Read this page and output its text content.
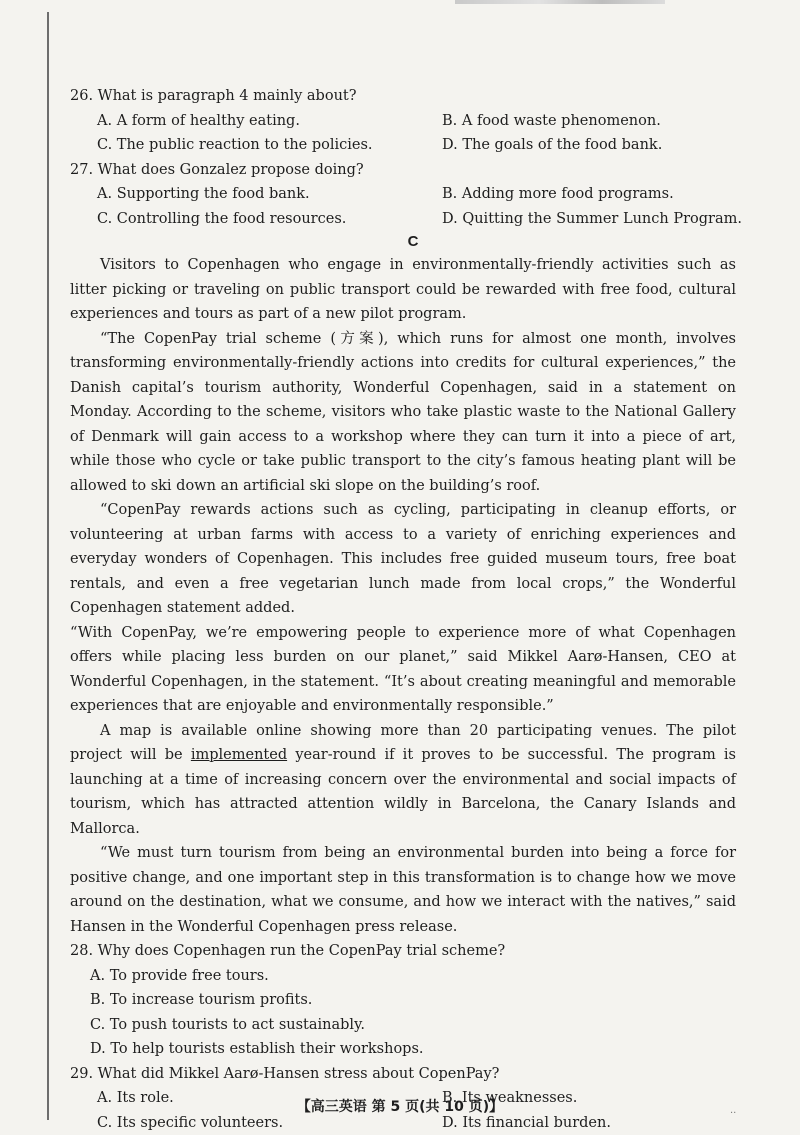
26. What is paragraph 4 mainly about?

A. A form of healthy eating.	B. A food waste phenomenon.
C. The public reaction to the policies.	D. The goals of the food bank.

27. What does Gonzalez propose doing?

A. Supporting the food bank.	B. Adding more food programs.
C. Controlling the food resources.	D. Quitting the Summer Lunch Program.
C

Visitors to Copenhagen who engage in environmentally-friendly activities such as litter picking or traveling on public transport could be rewarded with free food, cultural experiences and tours as part of a new pilot program.

“The CopenPay trial scheme (方案), which runs for almost one month, involves transforming environmentally-friendly actions into credits for cultural experiences,” the Danish capital’s tourism authority, Wonderful Copenhagen, said in a statement on Monday. According to the scheme, visitors who take plastic waste to the National Gallery of Denmark will gain access to a workshop where they can turn it into a piece of art, while those who cycle or take public transport to the city’s famous heating plant will be allowed to ski down an artificial ski slope on the building’s roof.

“CopenPay rewards actions such as cycling, participating in cleanup efforts, or volunteering at urban farms with access to a variety of enriching experiences and everyday wonders of Copenhagen. This includes free guided museum tours, free boat rentals, and even a free vegetarian lunch made from local crops,” the Wonderful Copenhagen statement added.

“With CopenPay, we’re empowering people to experience more of what Copenhagen offers while placing less burden on our planet,” said Mikkel Aarø-Hansen, CEO at Wonderful Copenhagen, in the statement. “It’s about creating meaningful and memorable experiences that are enjoyable and environmentally responsible.”

A map is available online showing more than 20 participating venues. The pilot project will be implemented year-round if it proves to be successful. The program is launching at a time of increasing concern over the environmental and social impacts of tourism, which has attracted attention wildly in Barcelona, the Canary Islands and Mallorca.

“We must turn tourism from being an environmental burden into being a force for positive change, and one important step in this transformation is to change how we move around on the destination, what we consume, and how we interact with the natives,” said Hansen in the Wonderful Copenhagen press release.

28. Why does Copenhagen run the CopenPay trial scheme?

A. To provide free tours.
B. To increase tourism profits.
C. To push tourists to act sustainably.
D. To help tourists establish their workshops.

29. What did Mikkel Aarø-Hansen stress about CopenPay?

A. Its role.	B. Its weaknesses.
C. Its specific volunteers.	D. Its financial burden.
【高三英语 第 5 页(共 10 页)】	··
